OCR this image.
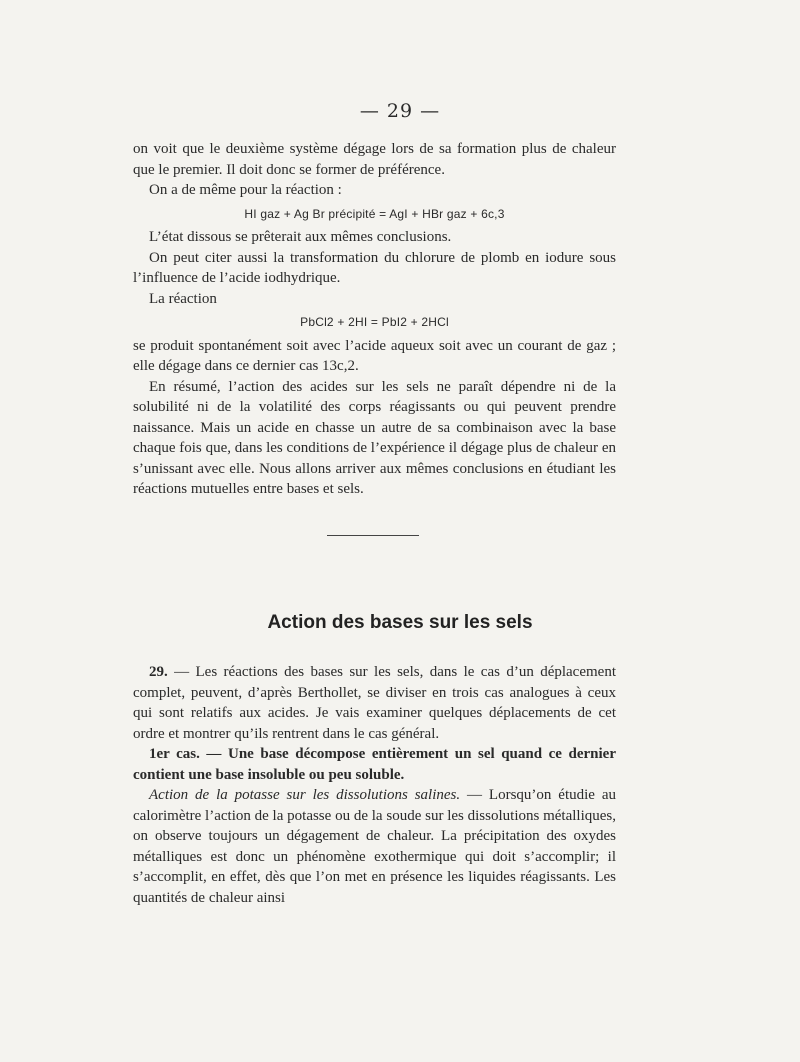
— 29 —

on voit que le deuxième système dégage lors de sa formation plus de chaleur que le premier. Il doit donc se former de préférence.

On a de même pour la réaction :

HI gaz + Ag Br précipité = AgI + HBr gaz + 6c,3

L’état dissous se prêterait aux mêmes conclusions.

On peut citer aussi la transformation du chlorure de plomb en iodure sous l’influence de l’acide iodhydrique.

La réaction

PbCl2 + 2HI = PbI2 + 2HCl

se produit spontanément soit avec l’acide aqueux soit avec un courant de gaz ; elle dégage dans ce dernier cas 13c,2.

En résumé, l’action des acides sur les sels ne paraît dépendre ni de la solubilité ni de la volatilité des corps réagissants ou qui peuvent prendre naissance. Mais un acide en chasse un autre de sa combinaison avec la base chaque fois que, dans les conditions de l’expérience il dégage plus de chaleur en s’unissant avec elle. Nous allons arriver aux mêmes conclusions en étudiant les réactions mutuelles entre bases et sels.

Action des bases sur les sels

29. — Les réactions des bases sur les sels, dans le cas d’un déplacement complet, peuvent, d’après Berthollet, se diviser en trois cas analogues à ceux qui sont relatifs aux acides. Je vais examiner quelques déplacements de cet ordre et montrer qu’ils rentrent dans le cas général.

1er cas. — Une base décompose entièrement un sel quand ce dernier contient une base insoluble ou peu soluble.

Action de la potasse sur les dissolutions salines. — Lorsqu’on étudie au calorimètre l’action de la potasse ou de la soude sur les dissolutions métalliques, on observe toujours un dégagement de chaleur. La précipitation des oxydes métalliques est donc un phénomène exothermique qui doit s’accomplir; il s’accomplit, en effet, dès que l’on met en présence les liquides réagissants. Les quantités de chaleur ainsi
